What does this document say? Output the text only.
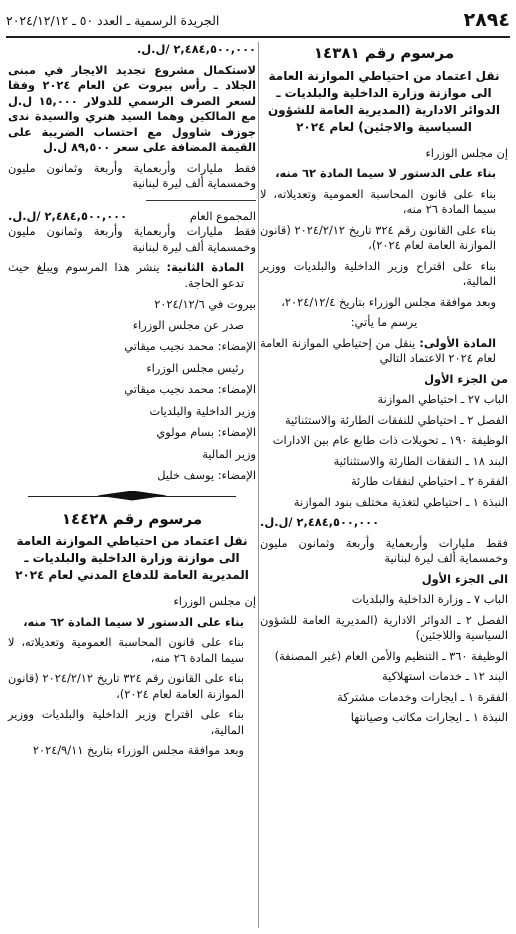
٢٨٩٤
الجريدة الرسمية ـ العدد ٥٠ ـ ٢٠٢٤/١٢/١٢
مرسوم رقم ١٤٣٨١
نقل اعتماد من احتياطي الموازنة العامة الى موازنة وزارة الداخلية والبلديات ـ الدوائر الادارية (المديرية العامة للشؤون السياسية والاجئين) لعام ٢٠٢٤

إن مجلس الوزراء

بناء على الدستور لا سيما المادة ٦٢ منه،

بناء على قانون المحاسبة العمومية وتعديلاته، لا سيما المادة ٢٦ منه،

بناء على القانون رقم ٣٢٤ تاريخ ٢٠٢٤/٢/١٢ (قانون الموازنة العامة لعام ٢٠٢٤)،

بناء على اقتراح وزير الداخلية والبلديات ووزير المالية،

وبعد موافقة مجلس الوزراء بتاريخ ٢٠٢٤/١٢/٤،

يرسم ما يأتي:

المادة الأولى: ينقل من إحتياطي الموازنة العامة لعام ٢٠٢٤ الاعتماد التالي

من الجزء الأول

الباب ٢٧ ـ احتياطي الموازنة

الفصل ٢ ـ احتياطي للنفقات الطارئة والاستثنائية

الوظيفة ١٩٠ ـ تحويلات ذات طابع عام بين الادارات

البند ١٨ ـ النفقات الطارئة والاستثنائية

الفقرة ٢ ـ احتياطي لنفقات طارئة

النبذة ١ ـ احتياطي لتغذية مختلف بنود الموازنة

٢,٤٨٤,٥٠٠,٠٠٠ /ل.ل.

فقط مليارات وأربعماية وأربعة وثمانون مليون وخمسماية ألف ليرة لبنانية

الى الجزء الأول

الباب ٧ ـ وزارة الداخلية والبلديات

الفصل ٢ ـ الدوائر الادارية (المديرية العامة للشؤون السياسية واللاجئين)

الوظيفة ٣٦٠ ـ التنظيم والأمن العام (غير المصنفة)

البند ١٢ ـ خدمات استهلاكية

الفقرة ١ ـ ايجارات وخدمات مشتركة

النبذة ١ ـ ايجارات مكاتب وصيانتها

٢,٤٨٤,٥٠٠,٠٠٠ /ل.ل.

لاستكمال مشروع تجديد الايجار في مبنى الجلاد ـ رأس بيروت عن العام ٢٠٢٤ وفقا لسعر الصرف الرسمي للدولار ١٥,٠٠٠ ل.ل مع المالكين وهما السيد هنري والسيدة ندى جوزف شاوول مع احتساب الضريبة على القيمة المضافة على سعر ٨٩,٥٠٠ ل.ل

فقط مليارات وأربعماية وأربعة وثمانون مليون وخمسماية ألف ليرة لبنانية

المجموع العام
٢,٤٨٤,٥٠٠,٠٠٠ /ل.ل.

فقط مليارات وأربعماية وأربعة وثمانون مليون وخمسماية ألف ليرة لبنانية

المادة الثانية: ينشر هذا المرسوم ويبلغ حيث تدعو الحاجة.

بيروت في ٢٠٢٤/١٢/٦

صدر عن مجلس الوزراء

الإمضاء: محمد نجيب ميقاتي

رئيس مجلس الوزراء

الإمضاء: محمد نجيب ميقاتي

وزير الداخلية والبلديات

الإمضاء: بسام مولوي

وزير المالية

الإمضاء: يوسف خليل

مرسوم رقم ١٤٤٢٨
نقل اعتماد من احتياطي الموازنة العامة الى موازنة وزارة الداخلية والبلديات ـ المديرية العامة للدفاع المدني لعام ٢٠٢٤

إن مجلس الوزراء

بناء على الدستور لا سيما المادة ٦٢ منه،

بناء على قانون المحاسبة العمومية وتعديلاته، لا سيما المادة ٢٦ منه،

بناء على القانون رقم ٣٢٤ تاريخ ٢٠٢٤/٢/١٢ (قانون الموازنة العامة لعام ٢٠٢٤)،

بناء على اقتراح وزير الداخلية والبلديات ووزير المالية،

وبعد موافقة مجلس الوزراء بتاريخ ٢٠٢٤/٩/١١
